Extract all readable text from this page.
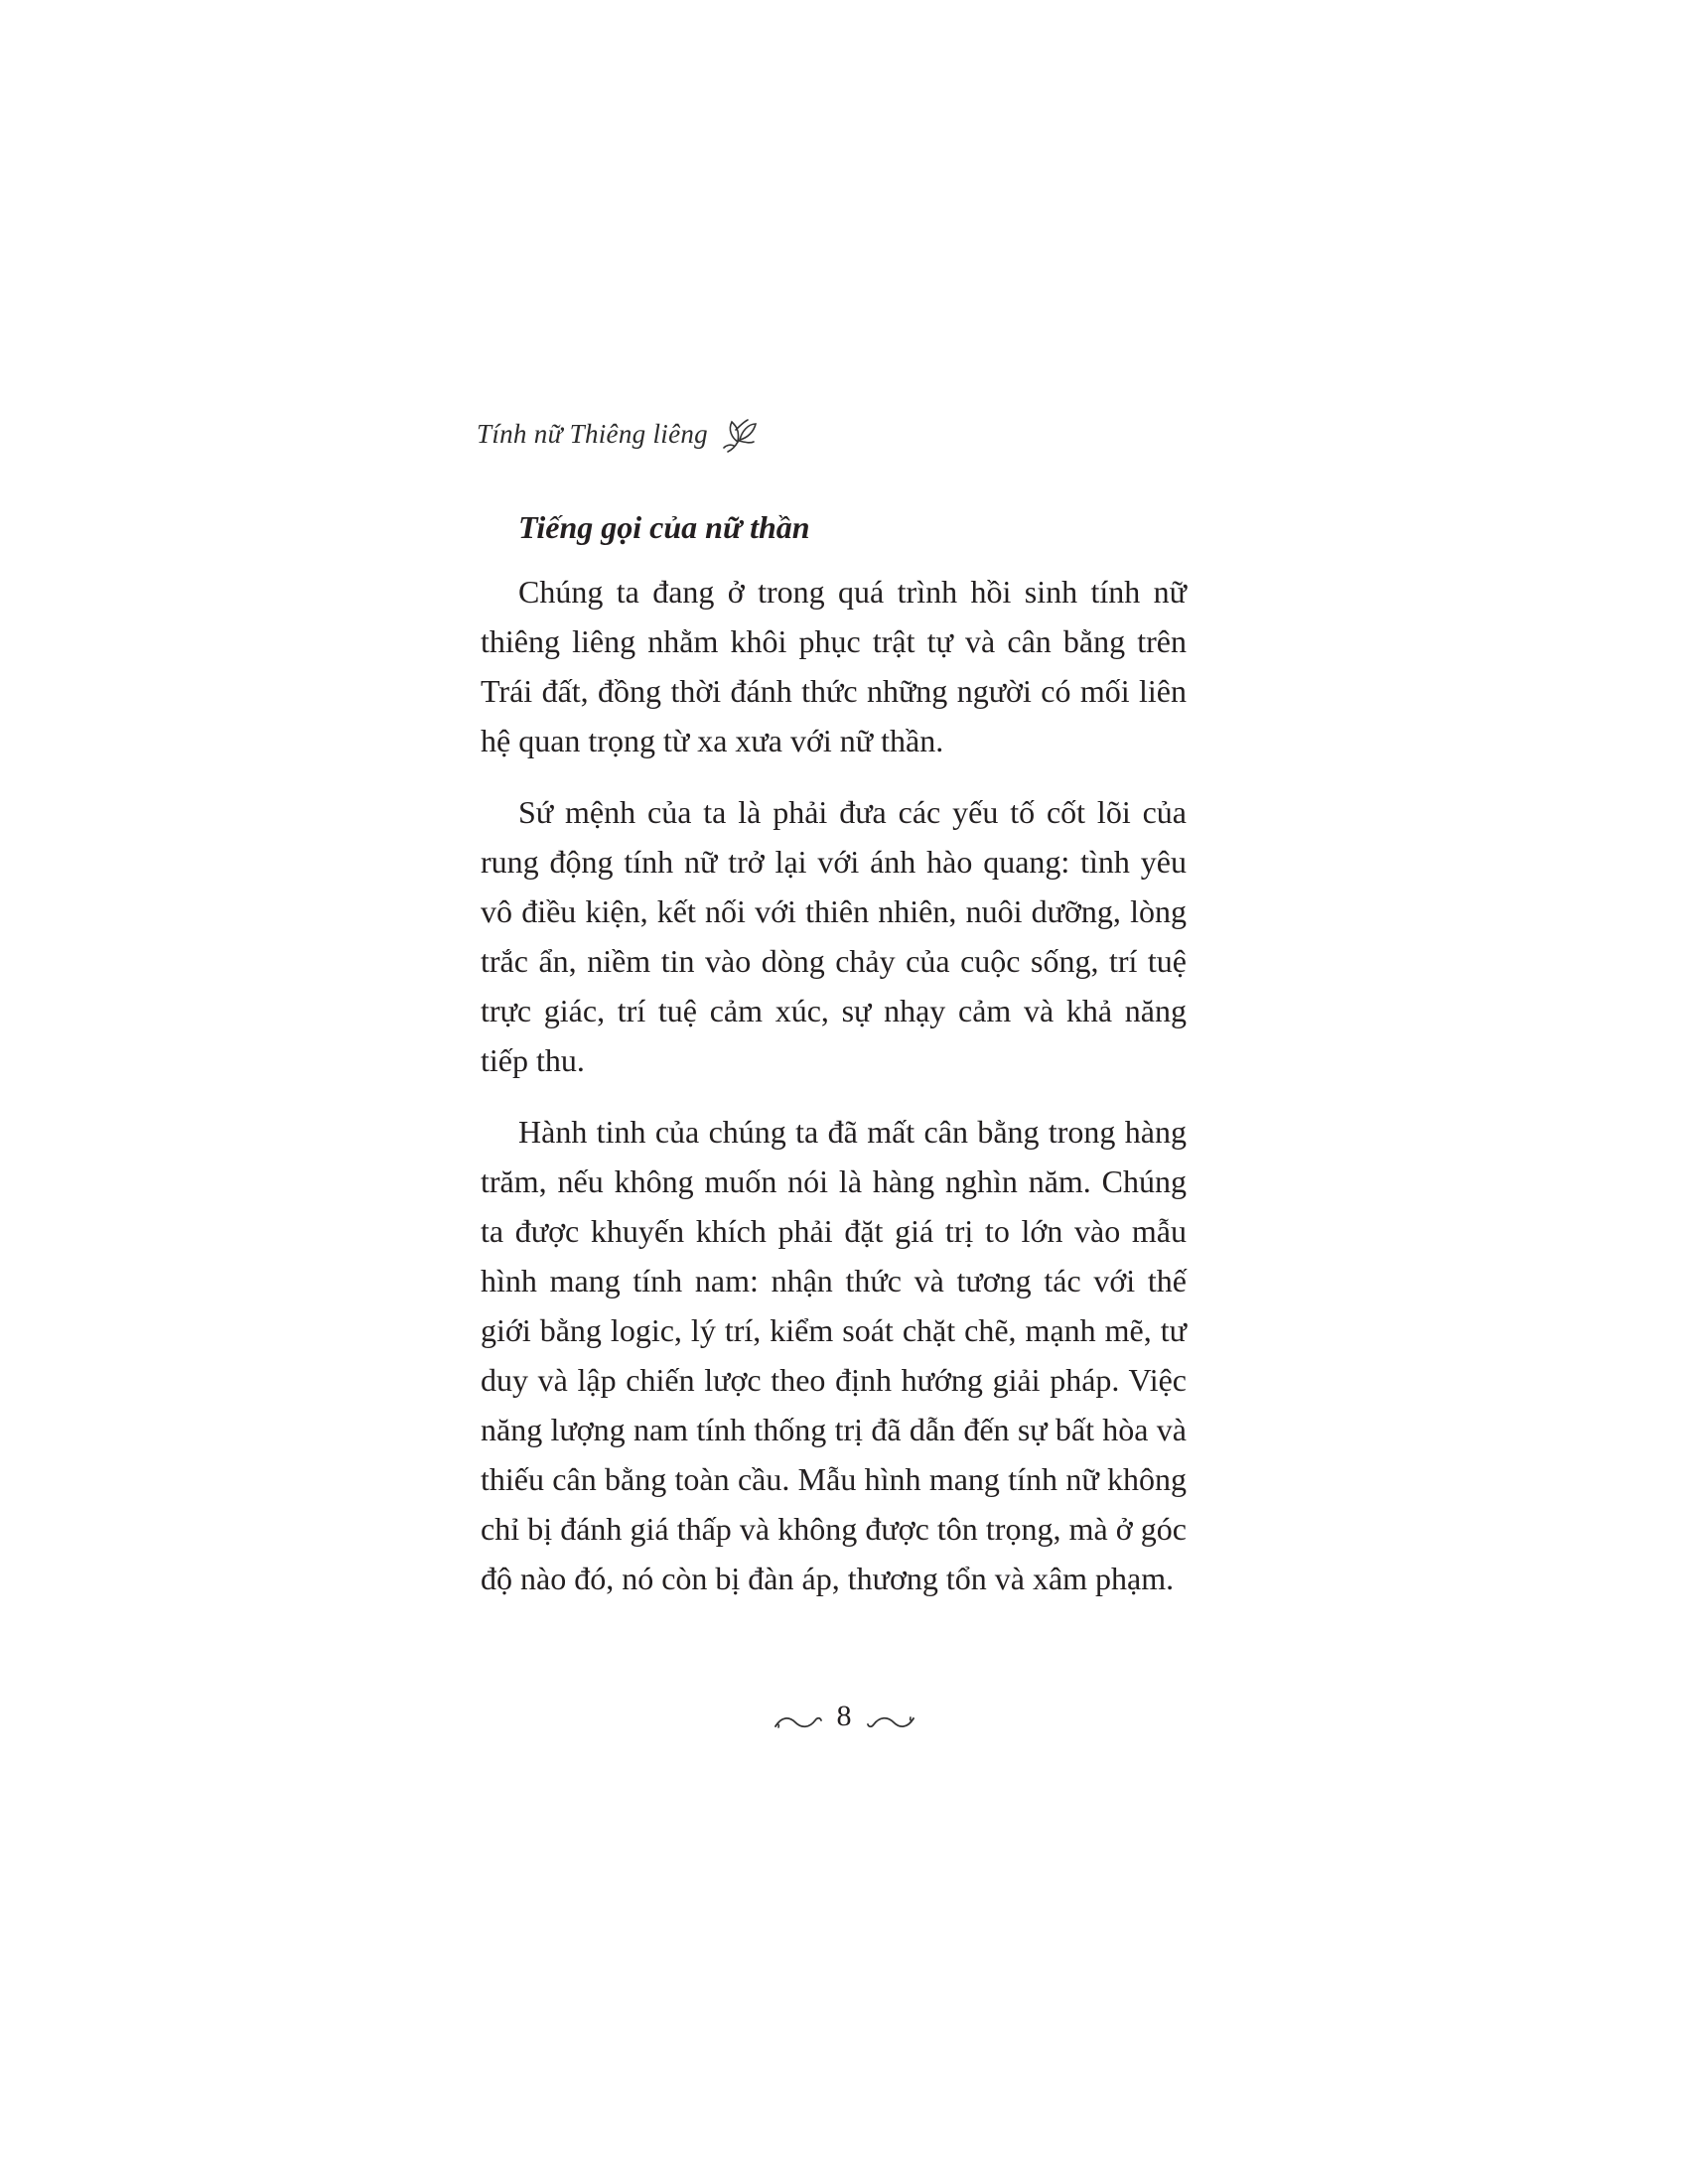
Tính nữ Thiêng liêng
Tiếng gọi của nữ thần

Chúng ta đang ở trong quá trình hồi sinh tính nữ thiêng liêng nhằm khôi phục trật tự và cân bằng trên Trái đất, đồng thời đánh thức những người có mối liên hệ quan trọng từ xa xưa với nữ thần.

Sứ mệnh của ta là phải đưa các yếu tố cốt lõi của rung động tính nữ trở lại với ánh hào quang: tình yêu vô điều kiện, kết nối với thiên nhiên, nuôi dưỡng, lòng trắc ẩn, niềm tin vào dòng chảy của cuộc sống, trí tuệ trực giác, trí tuệ cảm xúc, sự nhạy cảm và khả năng tiếp thu.

Hành tinh của chúng ta đã mất cân bằng trong hàng trăm, nếu không muốn nói là hàng nghìn năm. Chúng ta được khuyến khích phải đặt giá trị to lớn vào mẫu hình mang tính nam: nhận thức và tương tác với thế giới bằng logic, lý trí, kiểm soát chặt chẽ, mạnh mẽ, tư duy và lập chiến lược theo định hướng giải pháp. Việc năng lượng nam tính thống trị đã dẫn đến sự bất hòa và thiếu cân bằng toàn cầu. Mẫu hình mang tính nữ không chỉ bị đánh giá thấp và không được tôn trọng, mà ở góc độ nào đó, nó còn bị đàn áp, thương tổn và xâm phạm.

8
